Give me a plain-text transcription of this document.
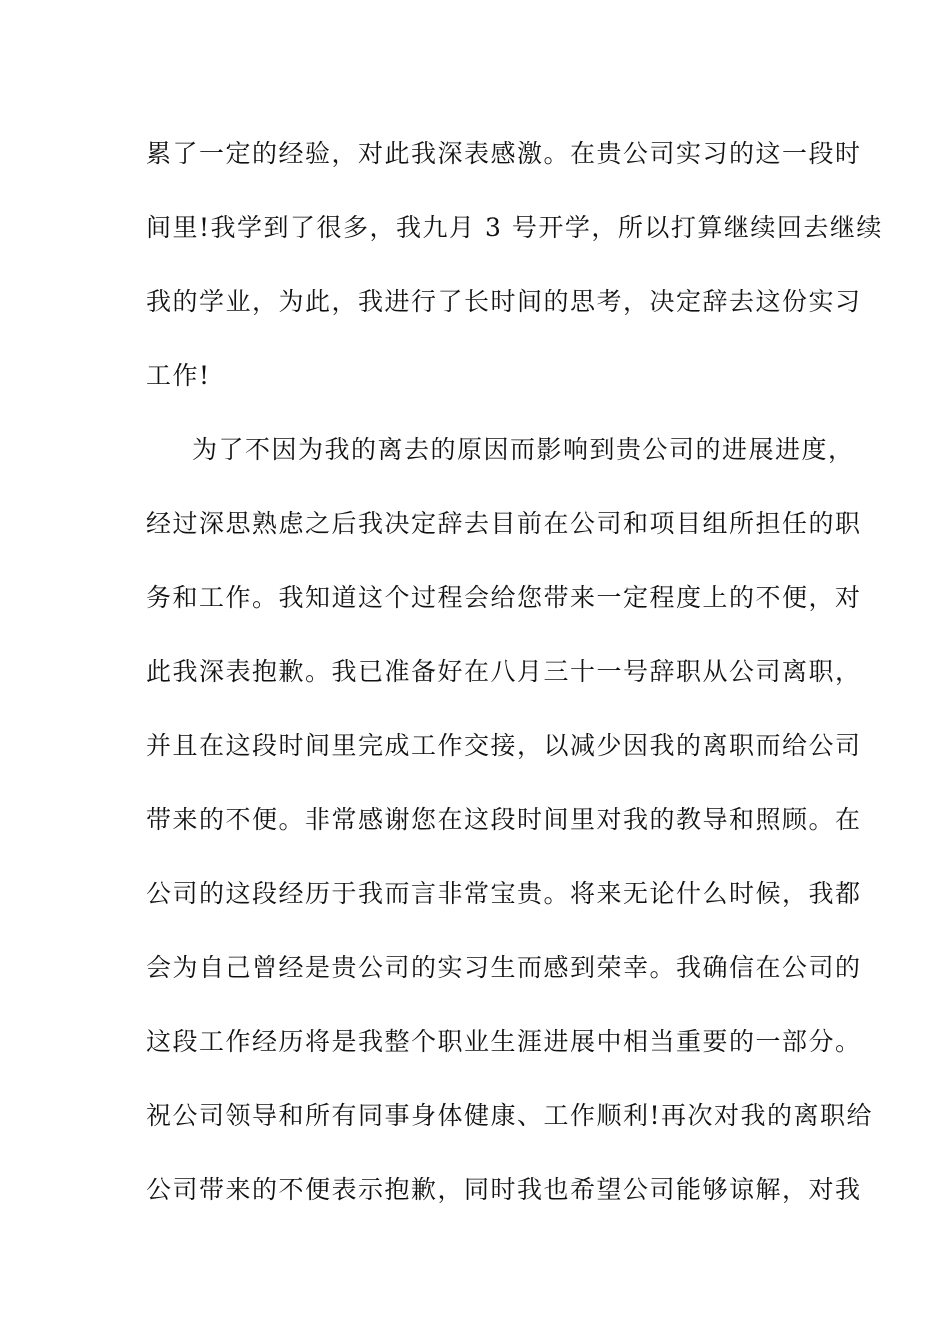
累了一定的经验，对此我深表感激。在贵公司实习的这一段时
间里!我学到了很多，我九月 3 号开学，所以打算继续回去继续
我的学业，为此，我进行了长时间的思考，决定辞去这份实习
工作!
为了不因为我的离去的原因而影响到贵公司的进展进度，
经过深思熟虑之后我决定辞去目前在公司和项目组所担任的职
务和工作。我知道这个过程会给您带来一定程度上的不便，对
此我深表抱歉。我已准备好在八月三十一号辞职从公司离职，
并且在这段时间里完成工作交接，以减少因我的离职而给公司
带来的不便。非常感谢您在这段时间里对我的教导和照顾。在
公司的这段经历于我而言非常宝贵。将来无论什么时候，我都
会为自己曾经是贵公司的实习生而感到荣幸。我确信在公司的
这段工作经历将是我整个职业生涯进展中相当重要的一部分。
祝公司领导和所有同事身体健康、工作顺利!再次对我的离职给
公司带来的不便表示抱歉，同时我也希望公司能够谅解，对我
